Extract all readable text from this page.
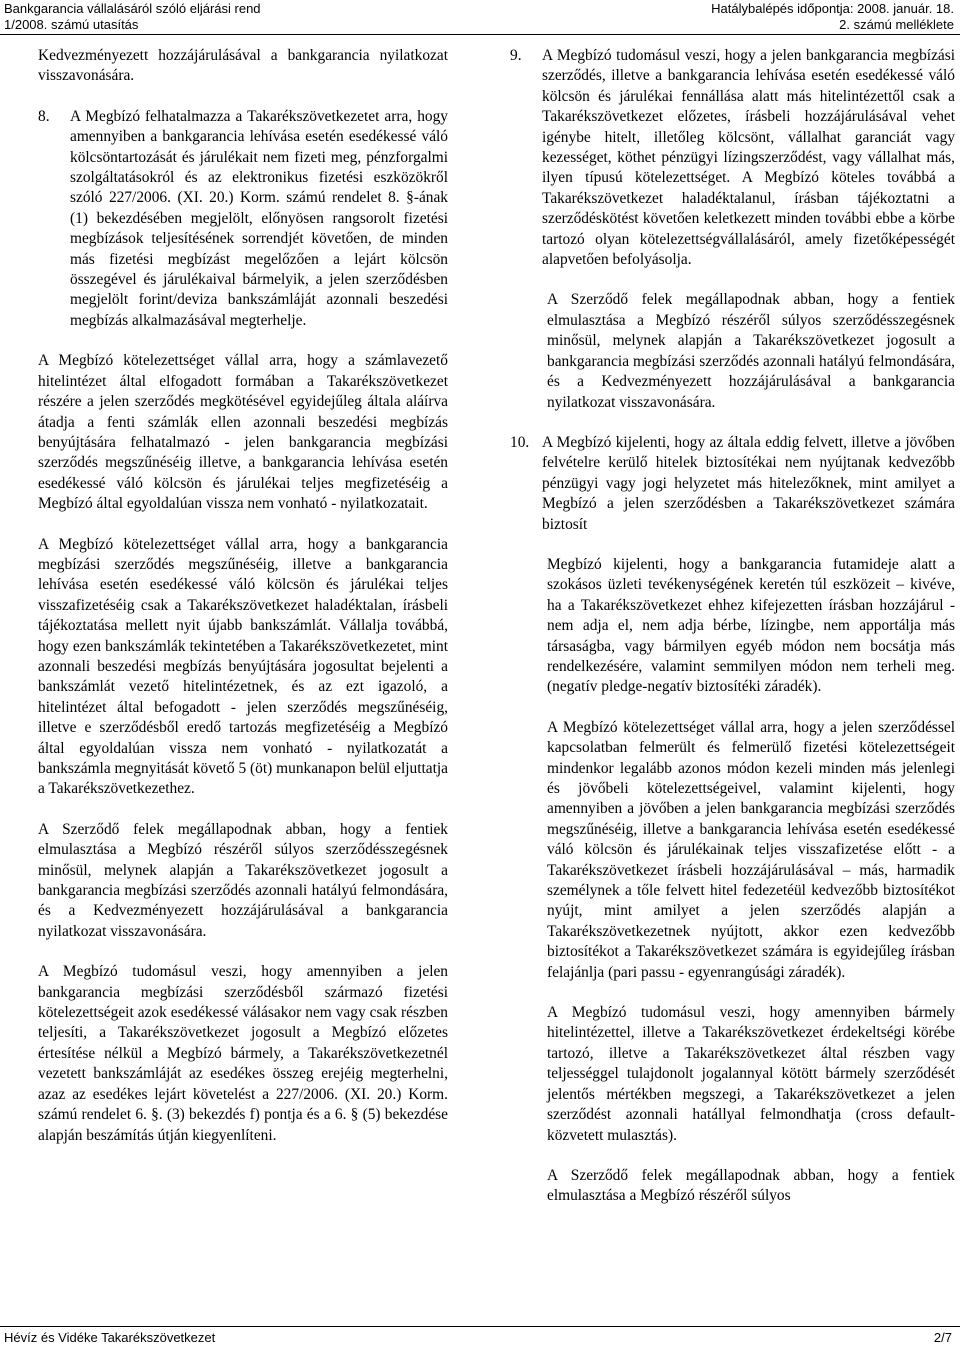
Bankgarancia vállalásáról szóló eljárási rend
1/2008. számú utasítás
Hatálybalépés időpontja: 2008. január. 18.
2. számú melléklete

Kedvezményezett hozzájárulásával a bankgarancia nyilatkozat visszavonására.

8. A Megbízó felhatalmazza a Takarékszövetkezetet arra, hogy amennyiben a bankgarancia lehívása esetén esedékessé váló kölcsöntartozását és járulékait nem fizeti meg, pénzforgalmi szolgáltatásokról és az elektronikus fizetési eszközökről szóló 227/2006. (XI. 20.) Korm. számú rendelet 8. §-ának (1) bekezdésében megjelölt, előnyösen rangsorolt fizetési megbízások teljesítésének sorrendjét követően, de minden más fizetési megbízást megelőzően a lejárt kölcsön összegével és járulékaival bármelyik, a jelen szerződésben megjelölt forint/deviza bankszámláját azonnali beszedési megbízás alkalmazásával megterhelje.

A Megbízó kötelezettséget vállal arra, hogy a számlavezető hitelintézet által elfogadott formában a Takarékszövetkezet részére a jelen szerződés megkötésével egyidejűleg általa aláírva átadja a fenti számlák ellen azonnali beszedési megbízás benyújtására felhatalmazó - jelen bankgarancia megbízási szerződés megszűnéséig illetve, a bankgarancia lehívása esetén esedékessé váló kölcsön és járulékai teljes megfizetéséig a Megbízó által egyoldalúan vissza nem vonható - nyilatkozatait.

A Megbízó kötelezettséget vállal arra, hogy a bankgarancia megbízási szerződés megszűnéséig, illetve a bankgarancia lehívása esetén esedékessé váló kölcsön és járulékai teljes visszafizetéséig csak a Takarékszövetkezet haladéktalan, írásbeli tájékoztatása mellett nyit újabb bankszámlát. Vállalja továbbá, hogy ezen bankszámlák tekintetében a Takarékszövetkezetet, mint azonnali beszedési megbízás benyújtására jogosultat bejelenti a bankszámlát vezető hitelintézetnek, és az ezt igazoló, a hitelintézet által befogadott - jelen szerződés megszűnéséig, illetve e szerződésből eredő tartozás megfizetéséig a Megbízó által egyoldalúan vissza nem vonható - nyilatkozatát a bankszámla megnyitását követő 5 (öt) munkanapon belül eljuttatja a Takarékszövetkezethez.

A Szerződő felek megállapodnak abban, hogy a fentiek elmulasztása a Megbízó részéről súlyos szerződésszegésnek minősül, melynek alapján a Takarékszövetkezet jogosult a bankgarancia megbízási szerződés azonnali hatályú felmondására, és a Kedvezményezett hozzájárulásával a bankgarancia nyilatkozat visszavonására.

A Megbízó tudomásul veszi, hogy amennyiben a jelen bankgarancia megbízási szerződésből származó fizetési kötelezettségeit azok esedékessé válásakor nem vagy csak részben teljesíti, a Takarékszövetkezet jogosult a Megbízó előzetes értesítése nélkül a Megbízó bármely, a Takarékszövetkezetnél vezetett bankszámláját az esedékes összeg erejéig megterhelni, azaz az esedékes lejárt követelést a 227/2006. (XI. 20.) Korm. számú rendelet 6. §. (3) bekezdés f) pontja és a 6. § (5) bekezdése alapján beszámítás útján kiegyenlíteni.

9. A Megbízó tudomásul veszi, hogy a jelen bankgarancia megbízási szerződés, illetve a bankgarancia lehívása esetén esedékessé váló kölcsön és járulékai fennállása alatt más hitelintézettől csak a Takarékszövetkezet előzetes, írásbeli hozzájárulásával vehet igénybe hitelt, illetőleg kölcsönt, vállalhat garanciát vagy kezességet, köthet pénzügyi lízingszerződést, vagy vállalhat más, ilyen típusú kötelezettséget. A Megbízó köteles továbbá a Takarékszövetkezet haladéktalanul, írásban tájékoztatni a szerződéskötést követően keletkezett minden további ebbe a körbe tartozó olyan kötelezettségvállalásáról, amely fizetőképességét alapvetően befolyásolja.

A Szerződő felek megállapodnak abban, hogy a fentiek elmulasztása a Megbízó részéről súlyos szerződésszegésnek minősül, melynek alapján a Takarékszövetkezet jogosult a bankgarancia megbízási szerződés azonnali hatályú felmondására, és a Kedvezményezett hozzájárulásával a bankgarancia nyilatkozat visszavonására.

10. A Megbízó kijelenti, hogy az általa eddig felvett, illetve a jövőben felvételre kerülő hitelek biztosítékai nem nyújtanak kedvezőbb pénzügyi vagy jogi helyzetet más hitelezőknek, mint amilyet a Megbízó a jelen szerződésben a Takarékszövetkezet számára biztosít

Megbízó kijelenti, hogy a bankgarancia futamideje alatt a szokásos üzleti tevékenységének keretén túl eszközeit – kivéve, ha a Takarékszövetkezet ehhez kifejezetten írásban hozzájárul - nem adja el, nem adja bérbe, lízingbe, nem apportálja más társaságba, vagy bármilyen egyéb módon nem bocsátja más rendelkezésére, valamint semmilyen módon nem terheli meg. (negatív pledge-negatív biztosítéki záradék).

A Megbízó kötelezettséget vállal arra, hogy a jelen szerződéssel kapcsolatban felmerült és felmerülő fizetési kötelezettségeit mindenkor legalább azonos módon kezeli minden más jelenlegi és jövőbeli kötelezettségeivel, valamint kijelenti, hogy amennyiben a jövőben a jelen bankgarancia megbízási szerződés megszűnéséig, illetve a bankgarancia lehívása esetén esedékessé váló kölcsön és járulékainak teljes visszafizetése előtt - a Takarékszövetkezet írásbeli hozzájárulásával – más, harmadik személynek a tőle felvett hitel fedezetéül kedvezőbb biztosítékot nyújt, mint amilyet a jelen szerződés alapján a Takarékszövetkezetnek nyújtott, akkor ezen kedvezőbb biztosítékot a Takarékszövetkezet számára is egyidejűleg írásban felajánlja (pari passu - egyenrangúsági záradék).

A Megbízó tudomásul veszi, hogy amennyiben bármely hitelintézettel, illetve a Takarékszövetkezet érdekeltségi körébe tartozó, illetve a Takarékszövetkezet által részben vagy teljességgel tulajdonolt jogalannyal kötött bármely szerződését jelentős mértékben megszegi, a Takarékszövetkezet a jelen szerződést azonnali hatállyal felmondhatja (cross default- közvetett mulasztás).

A Szerződő felek megállapodnak abban, hogy a fentiek elmulasztása a Megbízó részéről súlyos

Hévíz és Vidéke Takarékszövetkezet	2/7
